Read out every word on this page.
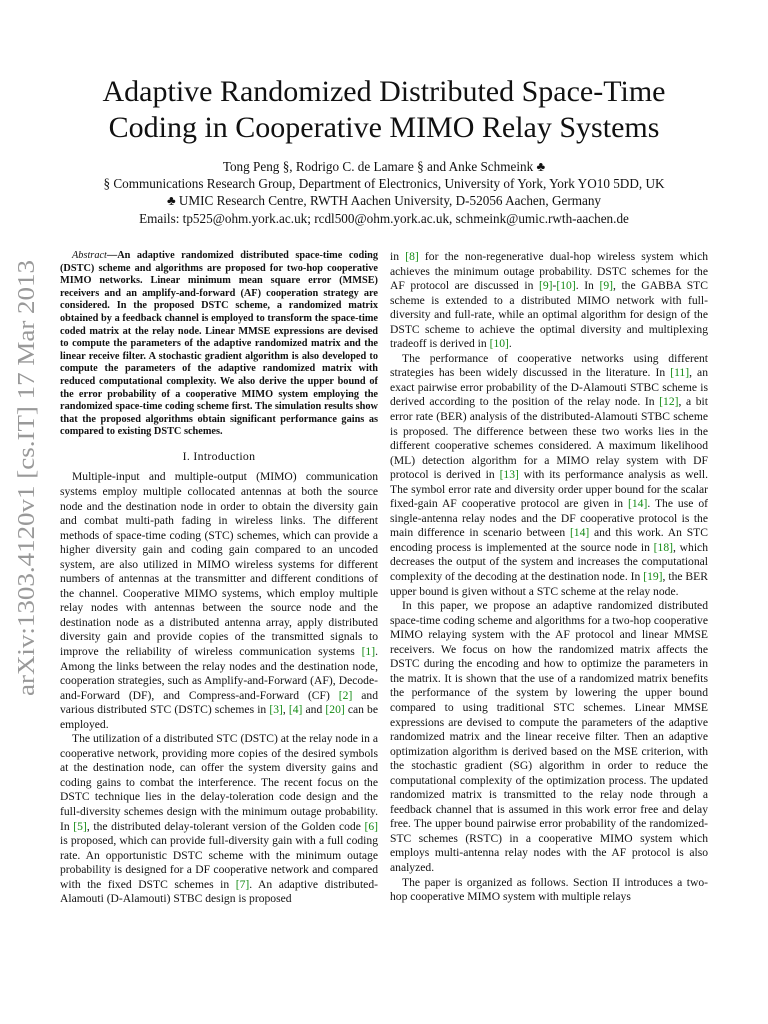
arXiv:1303.4120v1 [cs.IT] 17 Mar 2013
Adaptive Randomized Distributed Space-Time
Coding in Cooperative MIMO Relay Systems
Tong Peng §, Rodrigo C. de Lamare § and Anke Schmeink ♣
§ Communications Research Group, Department of Electronics, University of York, York YO10 5DD, UK
♣ UMIC Research Centre, RWTH Aachen University, D-52056 Aachen, Germany
Emails: tp525@ohm.york.ac.uk; rcdl500@ohm.york.ac.uk, schmeink@umic.rwth-aachen.de

Abstract—An adaptive randomized distributed space-time coding (DSTC) scheme and algorithms are proposed for two-hop cooperative MIMO networks. Linear minimum mean square error (MMSE) receivers and an amplify-and-forward (AF) cooperation strategy are considered. In the proposed DSTC scheme, a randomized matrix obtained by a feedback channel is employed to transform the space-time coded matrix at the relay node. Linear MMSE expressions are devised to compute the parameters of the adaptive randomized matrix and the linear receive filter. A stochastic gradient algorithm is also developed to compute the parameters of the adaptive randomized matrix with reduced computational complexity. We also derive the upper bound of the error probability of a cooperative MIMO system employing the randomized space-time coding scheme first. The simulation results show that the proposed algorithms obtain significant performance gains as compared to existing DSTC schemes.

I. Introduction

Multiple-input and multiple-output (MIMO) communication systems employ multiple collocated antennas at both the source node and the destination node in order to obtain the diversity gain and combat multi-path fading in wireless links. The different methods of space-time coding (STC) schemes, which can provide a higher diversity gain and coding gain compared to an uncoded system, are also utilized in MIMO wireless systems for different numbers of antennas at the transmitter and different conditions of the channel. Cooperative MIMO systems, which employ multiple relay nodes with antennas between the source node and the destination node as a distributed antenna array, apply distributed diversity gain and provide copies of the transmitted signals to improve the reliability of wireless communication systems [1]. Among the links between the relay nodes and the destination node, cooperation strategies, such as Amplify-and-Forward (AF), Decode-and-Forward (DF), and Compress-and-Forward (CF) [2] and various distributed STC (DSTC) schemes in [3], [4] and [20] can be employed.

The utilization of a distributed STC (DSTC) at the relay node in a cooperative network, providing more copies of the desired symbols at the destination node, can offer the system diversity gains and coding gains to combat the interference. The recent focus on the DSTC technique lies in the delay-toleration code design and the full-diversity schemes design with the minimum outage probability. In [5], the distributed delay-tolerant version of the Golden code [6] is proposed, which can provide full-diversity gain with a full coding rate. An opportunistic DSTC scheme with the minimum outage probability is designed for a DF cooperative network and compared with the fixed DSTC schemes in [7]. An adaptive distributed-Alamouti (D-Alamouti) STBC design is proposed

in [8] for the non-regenerative dual-hop wireless system which achieves the minimum outage probability. DSTC schemes for the AF protocol are discussed in [9]-[10]. In [9], the GABBA STC scheme is extended to a distributed MIMO network with full-diversity and full-rate, while an optimal algorithm for design of the DSTC scheme to achieve the optimal diversity and multiplexing tradeoff is derived in [10].

The performance of cooperative networks using different strategies has been widely discussed in the literature. In [11], an exact pairwise error probability of the D-Alamouti STBC scheme is derived according to the position of the relay node. In [12], a bit error rate (BER) analysis of the distributed-Alamouti STBC scheme is proposed. The difference between these two works lies in the different cooperative schemes considered. A maximum likelihood (ML) detection algorithm for a MIMO relay system with DF protocol is derived in [13] with its performance analysis as well. The symbol error rate and diversity order upper bound for the scalar fixed-gain AF cooperative protocol are given in [14]. The use of single-antenna relay nodes and the DF cooperative protocol is the main difference in scenario between [14] and this work. An STC encoding process is implemented at the source node in [18], which decreases the output of the system and increases the computational complexity of the decoding at the destination node. In [19], the BER upper bound is given without a STC scheme at the relay node.

In this paper, we propose an adaptive randomized distributed space-time coding scheme and algorithms for a two-hop cooperative MIMO relaying system with the AF protocol and linear MMSE receivers. We focus on how the randomized matrix affects the DSTC during the encoding and how to optimize the parameters in the matrix. It is shown that the use of a randomized matrix benefits the performance of the system by lowering the upper bound compared to using traditional STC schemes. Linear MMSE expressions are devised to compute the parameters of the adaptive randomized matrix and the linear receive filter. Then an adaptive optimization algorithm is derived based on the MSE criterion, with the stochastic gradient (SG) algorithm in order to reduce the computational complexity of the optimization process. The updated randomized matrix is transmitted to the relay node through a feedback channel that is assumed in this work error free and delay free. The upper bound pairwise error probability of the randomized-STC schemes (RSTC) in a cooperative MIMO system which employs multi-antenna relay nodes with the AF protocol is also analyzed.

The paper is organized as follows. Section II introduces a two-hop cooperative MIMO system with multiple relays
